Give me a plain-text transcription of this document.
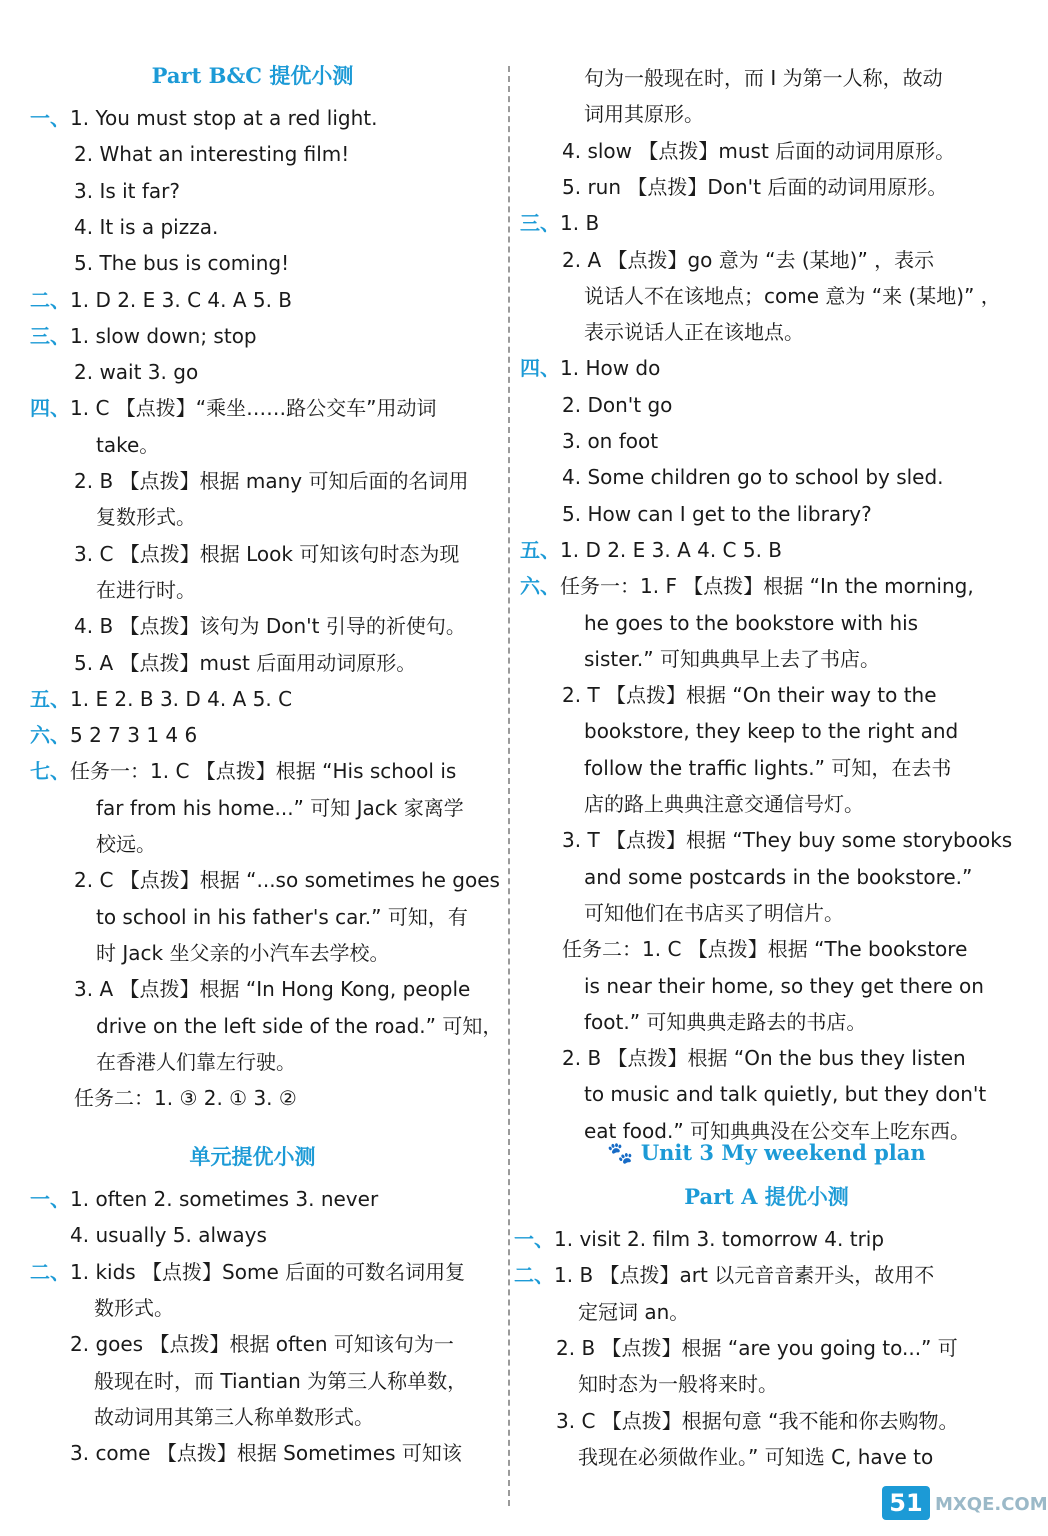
Part B&C 提优小测
一、1. You must stop at a red light.
2. What an interesting film!
3. Is it far?
4. It is a pizza.
5. The bus is coming!
二、1. D 2. E 3. C 4. A 5. B
三、1. slow down; stop
2. wait 3. go
四、1. C 【点拨】“乘坐……路公交车”用动词
take。
2. B 【点拨】根据 many 可知后面的名词用
复数形式。
3. C 【点拨】根据 Look 可知该句时态为现
在进行时。
4. B 【点拨】该句为 Don't 引导的祈使句。
5. A 【点拨】must 后面用动词原形。
五、1. E 2. B 3. D 4. A 5. C
六、5 2 7 3 1 4 6
七、任务一：1. C 【点拨】根据 “His school is
far from his home...” 可知 Jack 家离学
校远。
2. C 【点拨】根据 “...so sometimes he goes
to school in his father's car.” 可知，有
时 Jack 坐父亲的小汽车去学校。
3. A 【点拨】根据 “In Hong Kong, people
drive on the left side of the road.” 可知，
在香港人们靠左行驶。
任务二：1. ③ 2. ① 3. ②
单元提优小测
一、1. often 2. sometimes 3. never
4. usually 5. always
二、1. kids 【点拨】Some 后面的可数名词用复
数形式。
2. goes 【点拨】根据 often 可知该句为一
般现在时，而 Tiantian 为第三人称单数，
故动词用其第三人称单数形式。
3. come 【点拨】根据 Sometimes 可知该
句为一般现在时，而 I 为第一人称，故动
词用其原形。
4. slow 【点拨】must 后面的动词用原形。
5. run 【点拨】Don't 后面的动词用原形。
三、1. B
2. A 【点拨】go 意为 “去 (某地)” ，表示
说话人不在该地点；come 意为 “来 (某地)” ，
表示说话人正在该地点。
四、1. How do
2. Don't go
3. on foot
4. Some children go to school by sled.
5. How can I get to the library?
五、1. D 2. E 3. A 4. C 5. B
六、任务一：1. F 【点拨】根据 “In the morning,
he goes to the bookstore with his
sister.” 可知典典早上去了书店。
2. T 【点拨】根据 “On their way to the
bookstore, they keep to the right and
follow the traffic lights.” 可知，在去书
店的路上典典注意交通信号灯。
3. T 【点拨】根据 “They buy some storybooks
and some postcards in the bookstore.”
可知他们在书店买了明信片。
任务二：1. C 【点拨】根据 “The bookstore
is near their home, so they get there on
foot.” 可知典典走路去的书店。
2. B 【点拨】根据 “On the bus they listen
to music and talk quietly, but they don't
eat food.” 可知典典没在公交车上吃东西。
🐾 Unit 3 My weekend plan
Part A 提优小测
一、1. visit 2. film 3. tomorrow 4. trip
二、1. B 【点拨】art 以元音音素开头，故用不
定冠词 an。
2. B 【点拨】根据 “are you going to...” 可
知时态为一般将来时。
3. C 【点拨】根据句意 “我不能和你去购物。
我现在必须做作业。” 可知选 C, have to
51 MXQE.COM
